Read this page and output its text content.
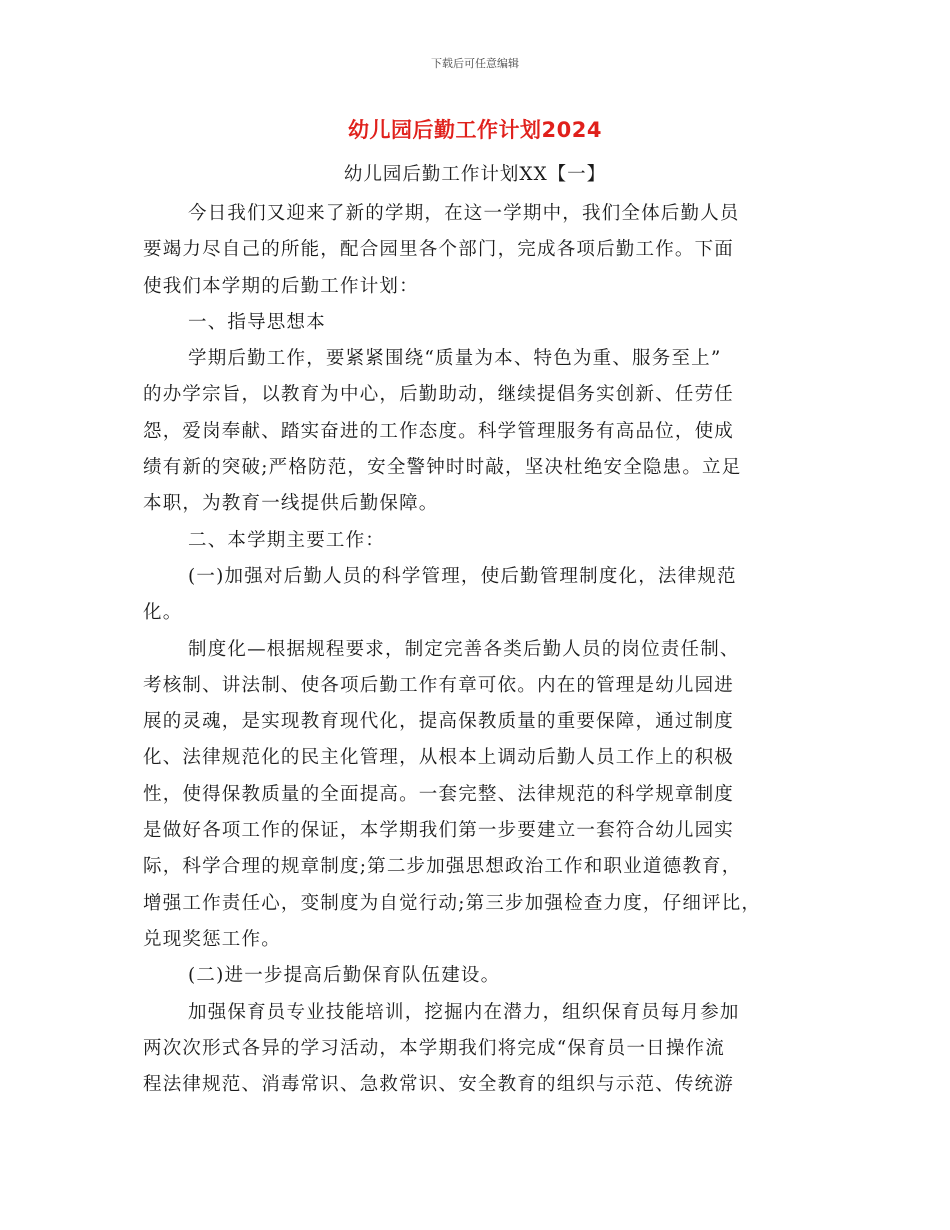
下载后可任意编辑
幼儿园后勤工作计划2024
幼儿园后勤工作计划XX【一】
今日我们又迎来了新的学期，在这一学期中，我们全体后勤人员
要竭力尽自己的所能，配合园里各个部门，完成各项后勤工作。下面
使我们本学期的后勤工作计划：
一、指导思想本
学期后勤工作，要紧紧围绕“质量为本、特色为重、服务至上”
的办学宗旨，以教育为中心，后勤助动，继续提倡务实创新、任劳任
怨，爱岗奉献、踏实奋进的工作态度。科学管理服务有高品位，使成
绩有新的突破;严格防范，安全警钟时时敲，坚决杜绝安全隐患。立足
本职，为教育一线提供后勤保障。
二、本学期主要工作：
(一)加强对后勤人员的科学管理，使后勤管理制度化，法律规范
化。
制度化—根据规程要求，制定完善各类后勤人员的岗位责任制、
考核制、讲法制、使各项后勤工作有章可依。内在的管理是幼儿园进
展的灵魂，是实现教育现代化，提高保教质量的重要保障，通过制度
化、法律规范化的民主化管理，从根本上调动后勤人员工作上的积极
性，使得保教质量的全面提高。一套完整、法律规范的科学规章制度
是做好各项工作的保证，本学期我们第一步要建立一套符合幼儿园实
际，科学合理的规章制度;第二步加强思想政治工作和职业道德教育，
增强工作责任心，变制度为自觉行动;第三步加强检查力度，仔细评比，
兑现奖惩工作。
(二)进一步提高后勤保育队伍建设。
加强保育员专业技能培训，挖掘内在潜力，组织保育员每月参加
两次次形式各异的学习活动，本学期我们将完成“保育员一日操作流
程法律规范、消毒常识、急救常识、安全教育的组织与示范、传统游
